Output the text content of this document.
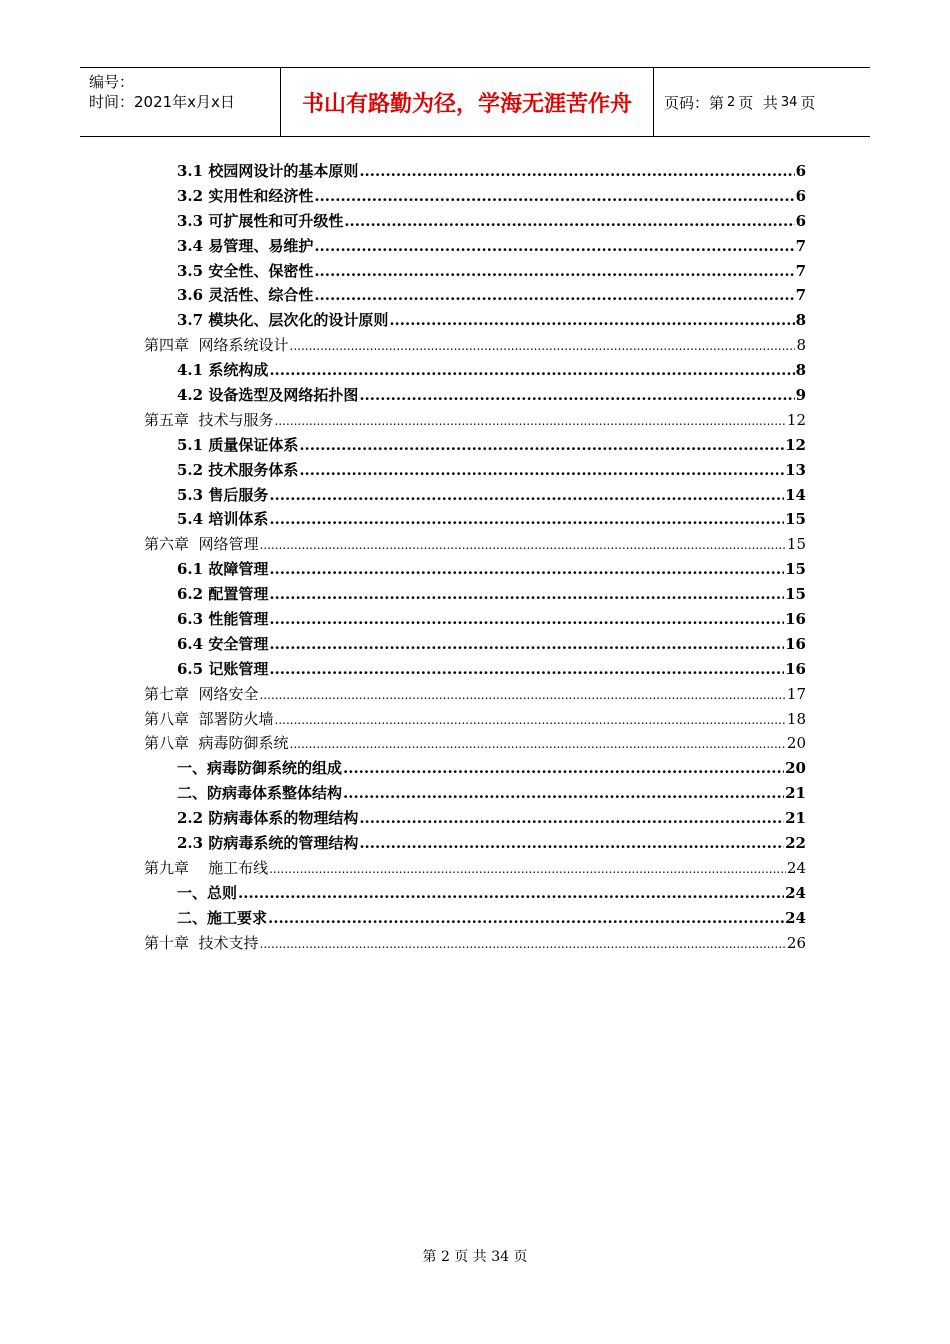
编号：
时间：2021年x月x日	书山有路勤为径，学海无涯苦作舟	页码：第 2 页  共 34 页
3.1 校园网设计的基本原则 .....	6
3.2 实用性和经济性 .....	6
3.3 可扩展性和可升级性 .....	6
3.4 易管理、易维护 .....	7
3.5 安全性、保密性 .....	7
3.6 灵活性、综合性 .....	7
3.7 模块化、层次化的设计原则 .....	8
第四章  网络系统设计 .....	8
4.1 系统构成 .....	8
4.2 设备选型及网络拓扑图 .....	9
第五章  技术与服务 .....	12
5.1 质量保证体系 .....	12
5.2 技术服务体系 .....	13
5.3 售后服务 .....	14
5.4 培训体系 .....	15
第六章  网络管理 .....	15
6.1 故障管理 .....	15
6.2 配置管理 .....	15
6.3 性能管理 .....	16
6.4 安全管理 .....	16
6.5 记账管理 .....	16
第七章  网络安全 .....	17
第八章  部署防火墙 .....	18
第八章  病毒防御系统 .....	20
一、病毒防御系统的组成 .....	20
二、防病毒体系整体结构 .....	21
2.2 防病毒体系的物理结构 .....	21
2.3 防病毒系统的管理结构 .....	22
第九章    施工布线 .....	24
一、总则 .....	24
二、施工要求 .....	24
第十章  技术支持 .....	26
第 2 页 共 34 页
